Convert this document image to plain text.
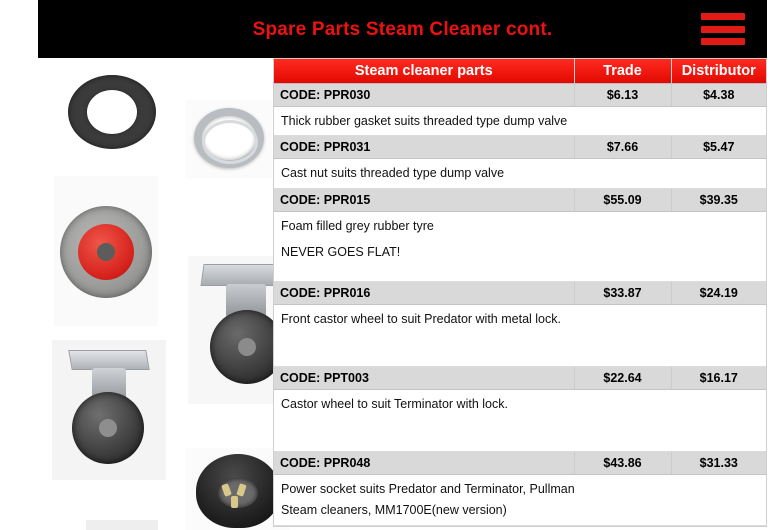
Spare Parts Steam Cleaner cont.
Steam cleaner parts	Trade	Distributor
CODE: PPR030	$6.13	$4.38

Thick rubber gasket suits threaded type dump valve		

CODE: PPR031	$7.66	$5.47

Cast nut suits threaded type dump valve		

CODE: PPR015	$55.09	$39.35

Foam filled grey rubber tyre
NEVER GOES FLAT!		

CODE: PPR016	$33.87	$24.19

Front castor wheel to suit Predator with metal lock.		

CODE: PPT003	$22.64	$16.17

Castor wheel to suit Terminator with lock.		

CODE: PPR048	$43.86	$31.33

Power socket suits Predator and Terminator, Pullman
Steam cleaners, MM1700E(new version)		
